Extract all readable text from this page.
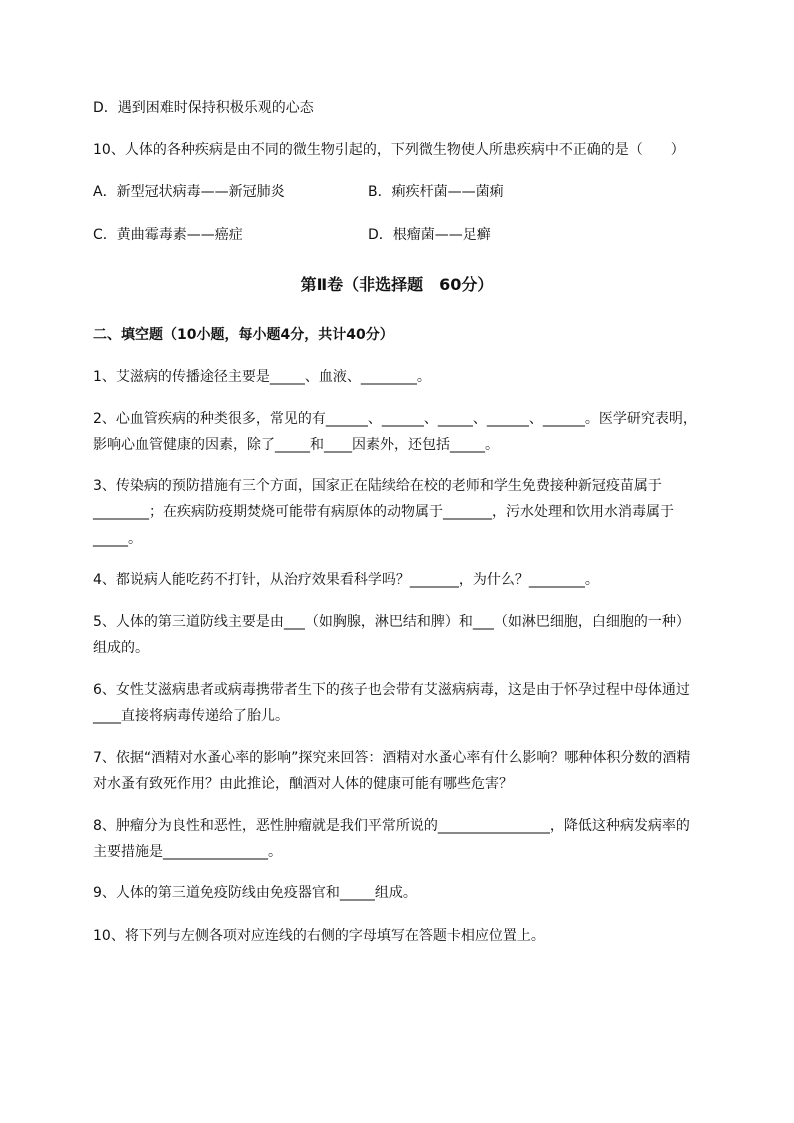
D．遇到困难时保持积极乐观的心态
10、人体的各种疾病是由不同的微生物引起的，下列微生物使人所患疾病中不正确的是（　　）
A．新型冠状病毒——新冠肺炎	B．痢疾杆菌——菌痢
C．黄曲霉毒素——癌症	D．根瘤菌——足癣
第Ⅱ卷（非选择题　60分）
二、填空题（10小题，每小题4分，共计40分）
1、艾滋病的传播途径主要是_____、血液、________。
2、心血管疾病的种类很多，常见的有______、______、_____、______、______。医学研究表明，
影响心血管健康的因素，除了_____和____因素外，还包括_____。
3、传染病的预防措施有三个方面，国家正在陆续给在校的老师和学生免费接种新冠疫苗属于
________；在疾病防疫期焚烧可能带有病原体的动物属于_______，污水处理和饮用水消毒属于
_____。
4、都说病人能吃药不打针，从治疗效果看科学吗？_______，为什么？________。
5、人体的第三道防线主要是由___（如胸腺，淋巴结和脾）和___（如淋巴细胞，白细胞的一种）
组成的。
6、女性艾滋病患者或病毒携带者生下的孩子也会带有艾滋病病毒，这是由于怀孕过程中母体通过
____直接将病毒传递给了胎儿。
7、依据“酒精对水蚤心率的影响”探究来回答：酒精对水蚤心率有什么影响？哪种体积分数的酒精
对水蚤有致死作用？由此推论，酗酒对人体的健康可能有哪些危害？
8、肿瘤分为良性和恶性，恶性肿瘤就是我们平常所说的________________，降低这种病发病率的
主要措施是_______________。
9、人体的第三道免疫防线由免疫器官和_____组成。
10、将下列与左侧各项对应连线的右侧的字母填写在答题卡相应位置上。
